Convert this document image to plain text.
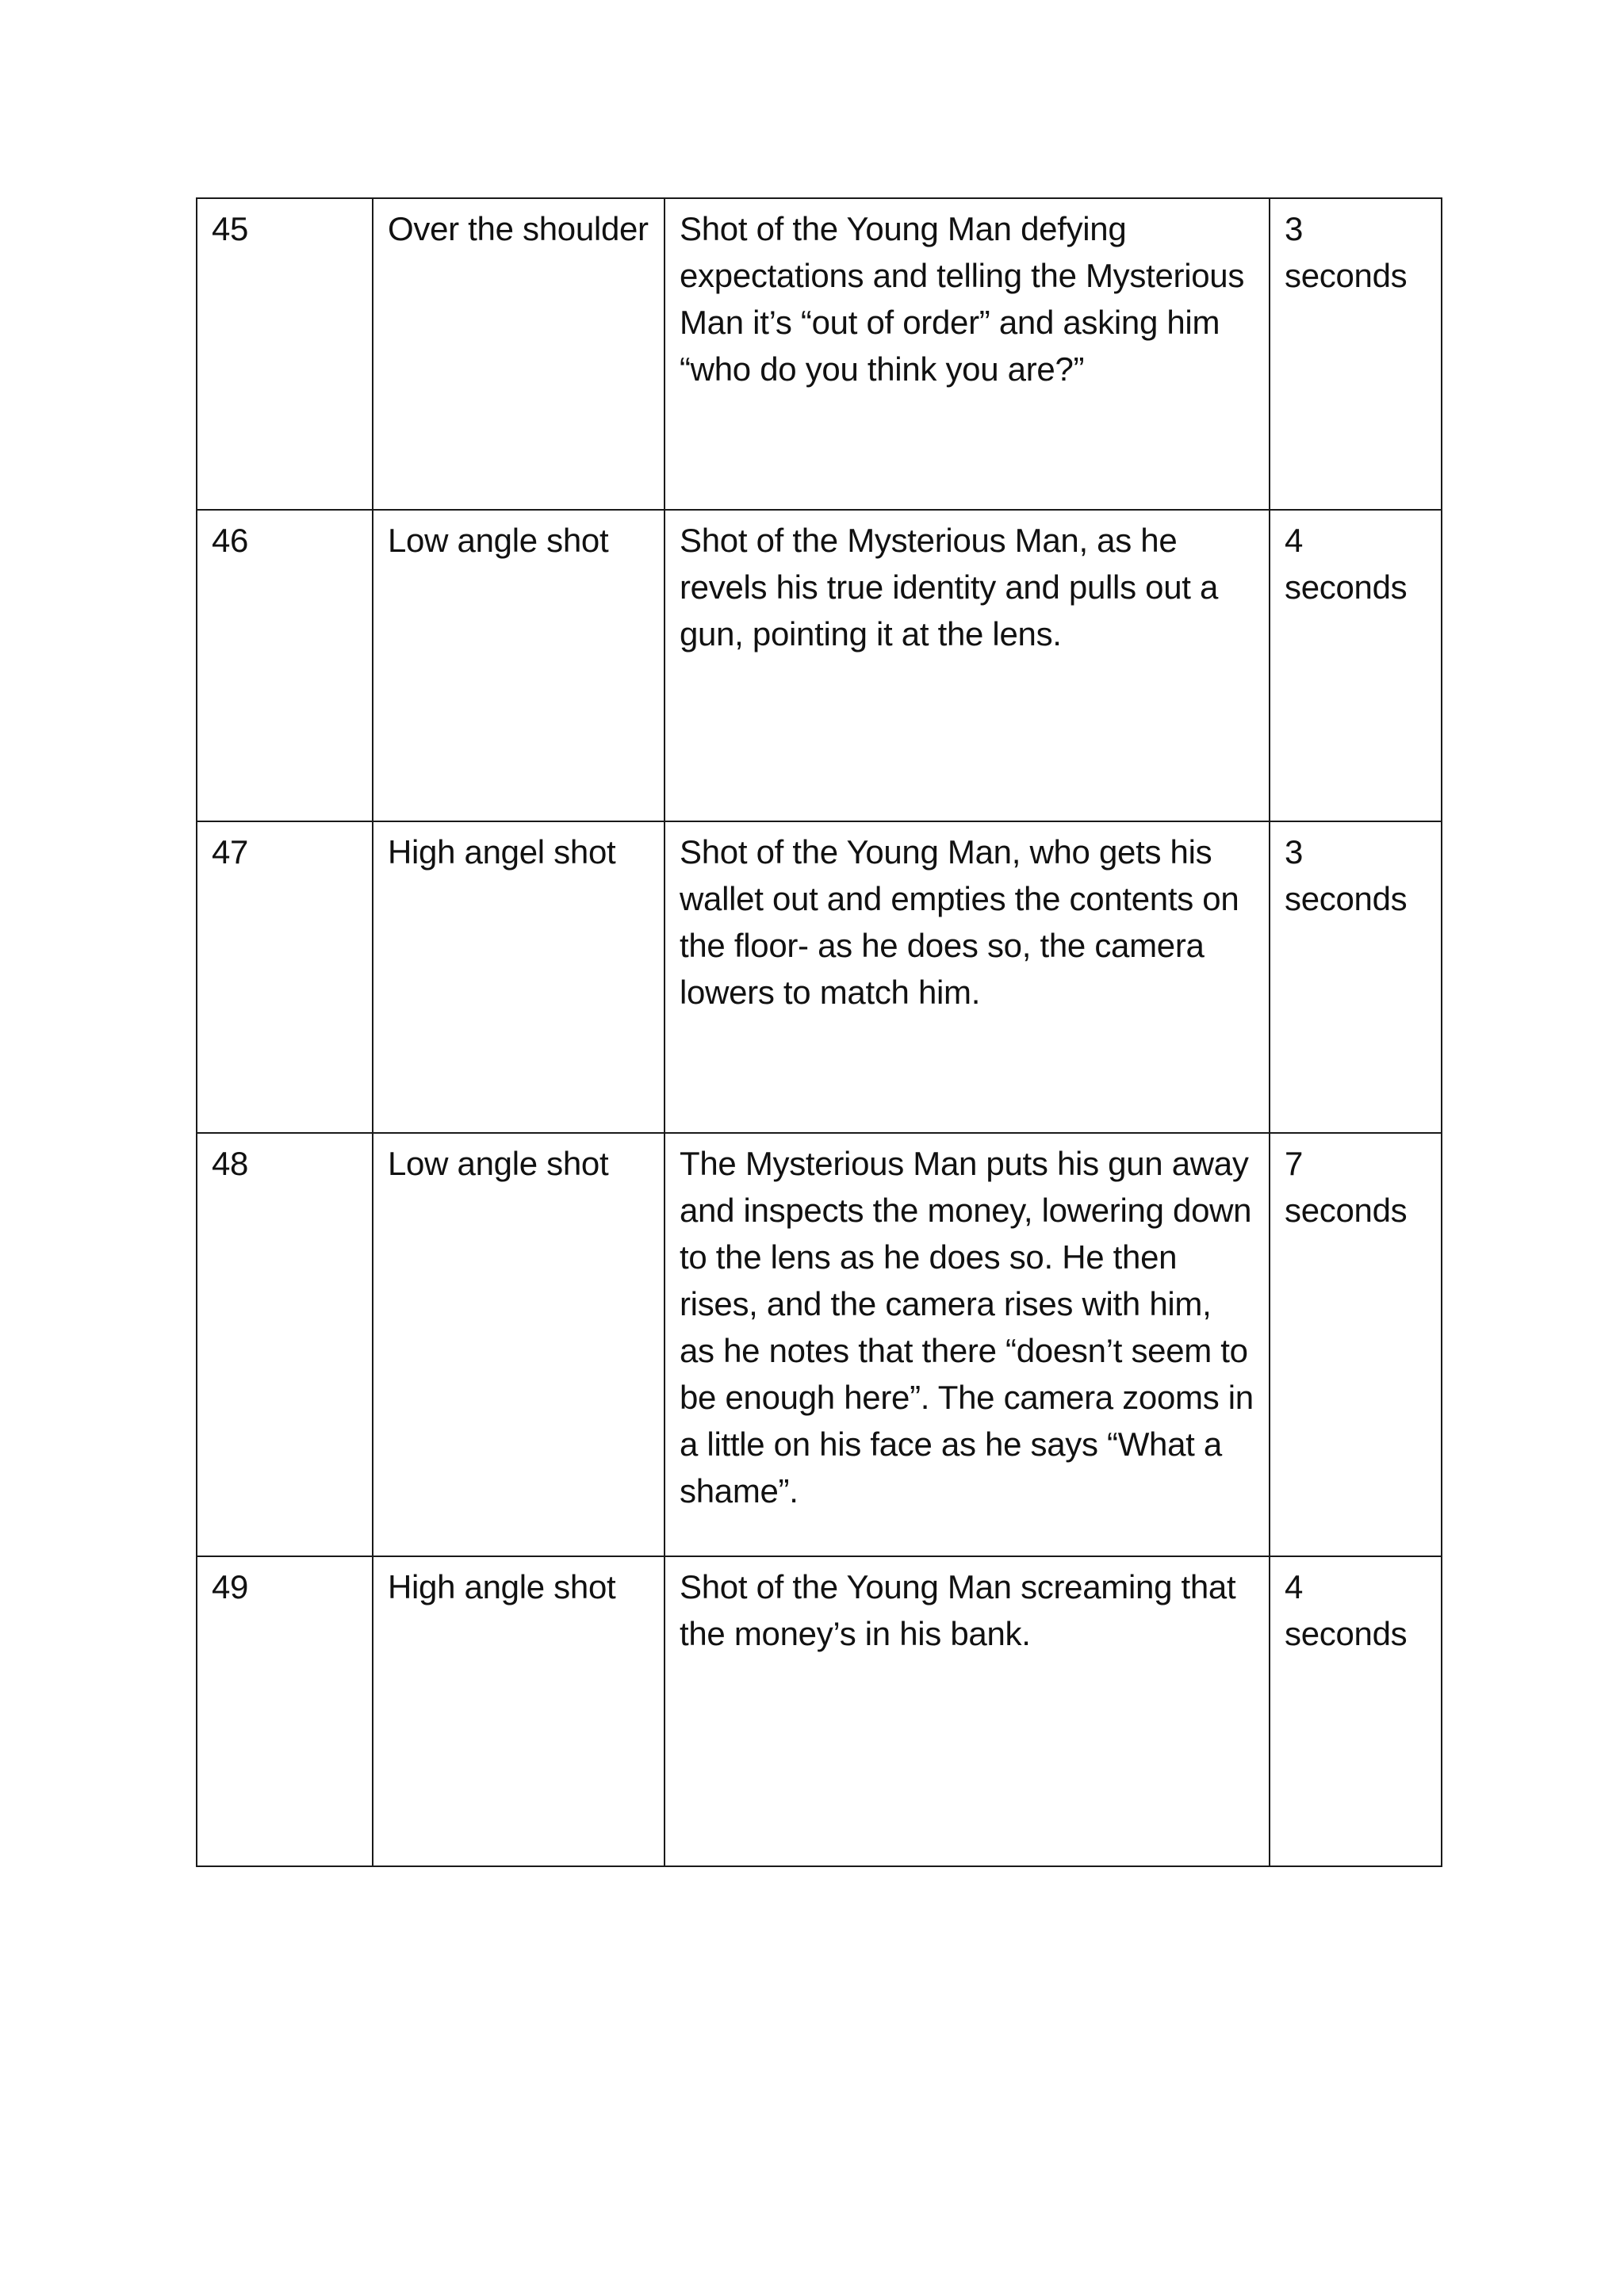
45	Over the shoulder	Shot of the Young Man defying expectations and telling the Mysterious Man it’s “out of order” and asking him “who do you think you are?”	3 seconds
46	Low angle shot	Shot of the Mysterious Man, as he revels his true identity and pulls out a gun, pointing it at the lens.	4 seconds
47	High angel shot	Shot of the Young Man, who gets his wallet out and empties the contents on the floor- as he does so, the camera lowers to match him.	3 seconds
48	Low angle shot	The Mysterious Man puts his gun away and inspects the money, lowering down to the lens as he does so. He then rises, and the camera rises with him, as he notes that there “doesn’t seem to be enough here”. The camera zooms in a little on his face as he says “What a shame”.	7 seconds
49	High angle shot	Shot of the Young Man screaming that the money’s in his bank.	4 seconds
